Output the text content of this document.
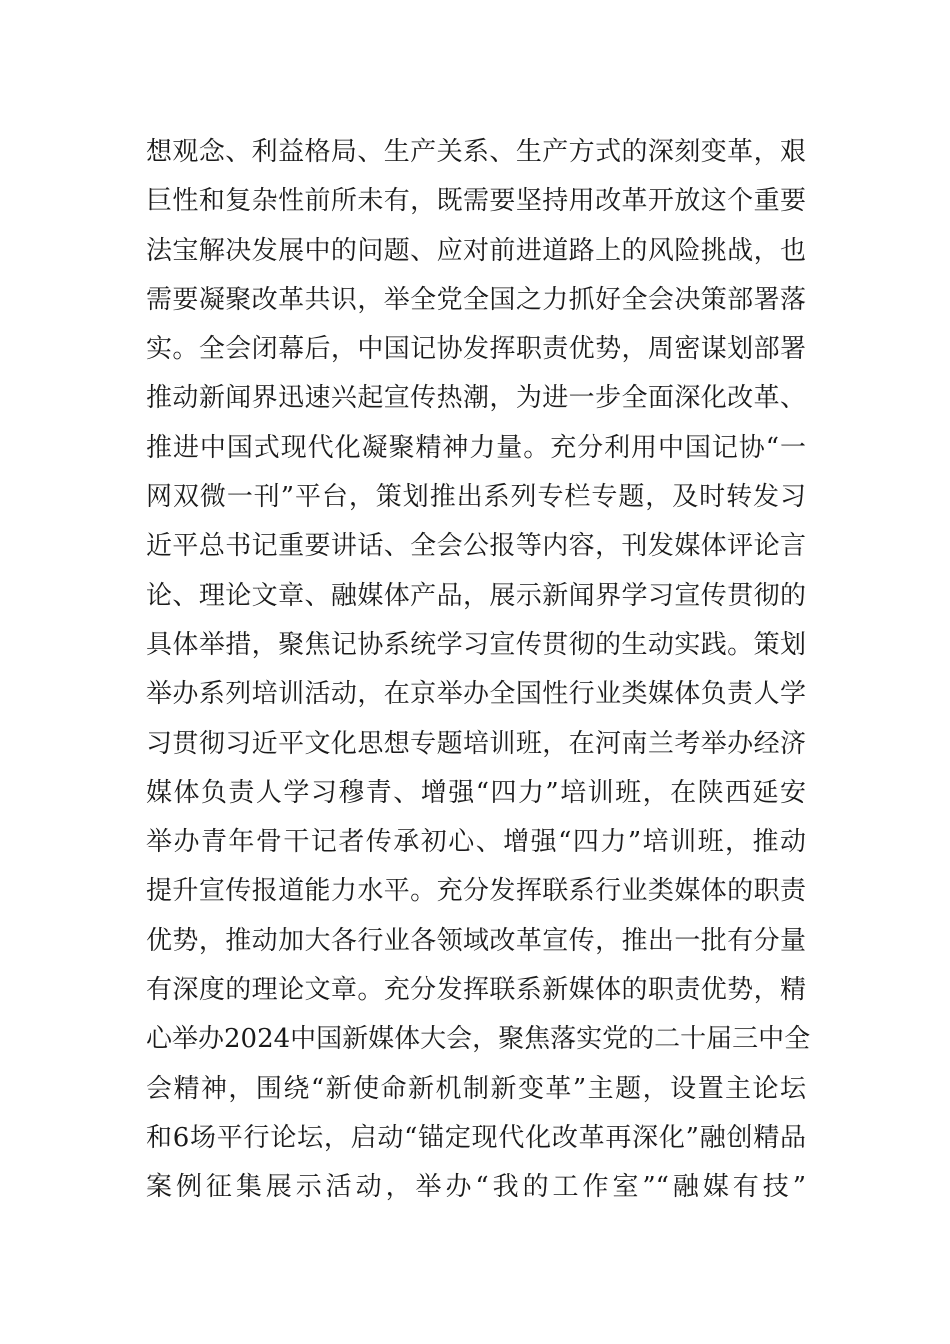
想观念、利益格局、生产关系、生产方式的深刻变革，艰
巨性和复杂性前所未有，既需要坚持用改革开放这个重要
法宝解决发展中的问题、应对前进道路上的风险挑战，也
需要凝聚改革共识，举全党全国之力抓好全会决策部署落
实。全会闭幕后，中国记协发挥职责优势，周密谋划部署
推动新闻界迅速兴起宣传热潮，为进一步全面深化改革、
推进中国式现代化凝聚精神力量。充分利用中国记协“一
网双微一刊”平台，策划推出系列专栏专题，及时转发习
近平总书记重要讲话、全会公报等内容，刊发媒体评论言
论、理论文章、融媒体产品，展示新闻界学习宣传贯彻的
具体举措，聚焦记协系统学习宣传贯彻的生动实践。策划
举办系列培训活动，在京举办全国性行业类媒体负责人学
习贯彻习近平文化思想专题培训班，在河南兰考举办经济
媒体负责人学习穆青、增强“四力”培训班，在陕西延安
举办青年骨干记者传承初心、增强“四力”培训班，推动
提升宣传报道能力水平。充分发挥联系行业类媒体的职责
优势，推动加大各行业各领域改革宣传，推出一批有分量
有深度的理论文章。充分发挥联系新媒体的职责优势，精
心举办2024中国新媒体大会，聚焦落实党的二十届三中全
会精神，围绕“新使命新机制新变革”主题，设置主论坛
和6场平行论坛，启动“锚定现代化改革再深化”融创精品
案例征集展示活动，举办“我的工作室”“融媒有技”
